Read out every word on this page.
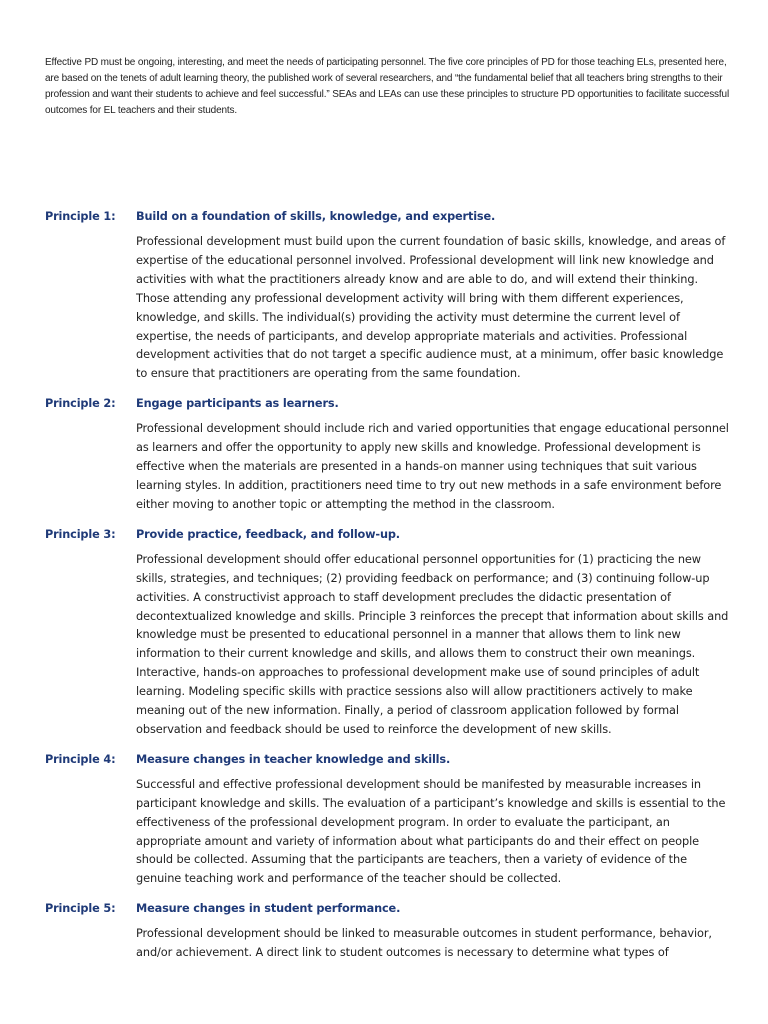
Effective PD must be ongoing, interesting, and meet the needs of participating personnel. The five core principles of PD for those teaching ELs, presented here, are based on the tenets of adult learning theory, the published work of several researchers, and “the fundamental belief that all teachers bring strengths to their profession and want their students to achieve and feel successful.” SEAs and LEAs can use these principles to structure PD opportunities to facilitate successful outcomes for EL teachers and their students.

Principle 1:	Build on a foundation of skills, knowledge, and expertise.

Professional development must build upon the current foundation of basic skills, knowledge, and areas of expertise of the educational personnel involved. Professional development will link new knowledge and activities with what the practitioners already know and are able to do, and will extend their thinking. Those attending any professional development activity will bring with them different experiences, knowledge, and skills. The individual(s) providing the activity must determine the current level of expertise, the needs of participants, and develop appropriate materials and activities. Professional development activities that do not target a specific audience must, at a minimum, offer basic knowledge to ensure that practitioners are operating from the same foundation.

Principle 2:	Engage participants as learners.

Professional development should include rich and varied opportunities that engage educational personnel as learners and offer the opportunity to apply new skills and knowledge. Professional development is effective when the materials are presented in a hands-on manner using techniques that suit various learning styles. In addition, practitioners need time to try out new methods in a safe environment before either moving to another topic or attempting the method in the classroom.

Principle 3:	Provide practice, feedback, and follow-up.

Professional development should offer educational personnel opportunities for (1) practicing the new skills, strategies, and techniques; (2) providing feedback on performance; and (3) continuing follow-up activities. A constructivist approach to staff development precludes the didactic presentation of decontextualized knowledge and skills. Principle 3 reinforces the precept that information about skills and knowledge must be presented to educational personnel in a manner that allows them to link new information to their current knowledge and skills, and allows them to construct their own meanings. Interactive, hands-on approaches to professional development make use of sound principles of adult learning. Modeling specific skills with practice sessions also will allow practitioners actively to make meaning out of the new information. Finally, a period of classroom application followed by formal observation and feedback should be used to reinforce the development of new skills.

Principle 4:	Measure changes in teacher knowledge and skills.

Successful and effective professional development should be manifested by measurable increases in participant knowledge and skills. The evaluation of a participant’s knowledge and skills is essential to the effectiveness of the professional development program. In order to evaluate the participant, an appropriate amount and variety of information about what participants do and their effect on people should be collected. Assuming that the participants are teachers, then a variety of evidence of the genuine teaching work and performance of the teacher should be collected.

Principle 5:	Measure changes in student performance.

Professional development should be linked to measurable outcomes in student performance, behavior, and/or achievement. A direct link to student outcomes is necessary to determine what types of
